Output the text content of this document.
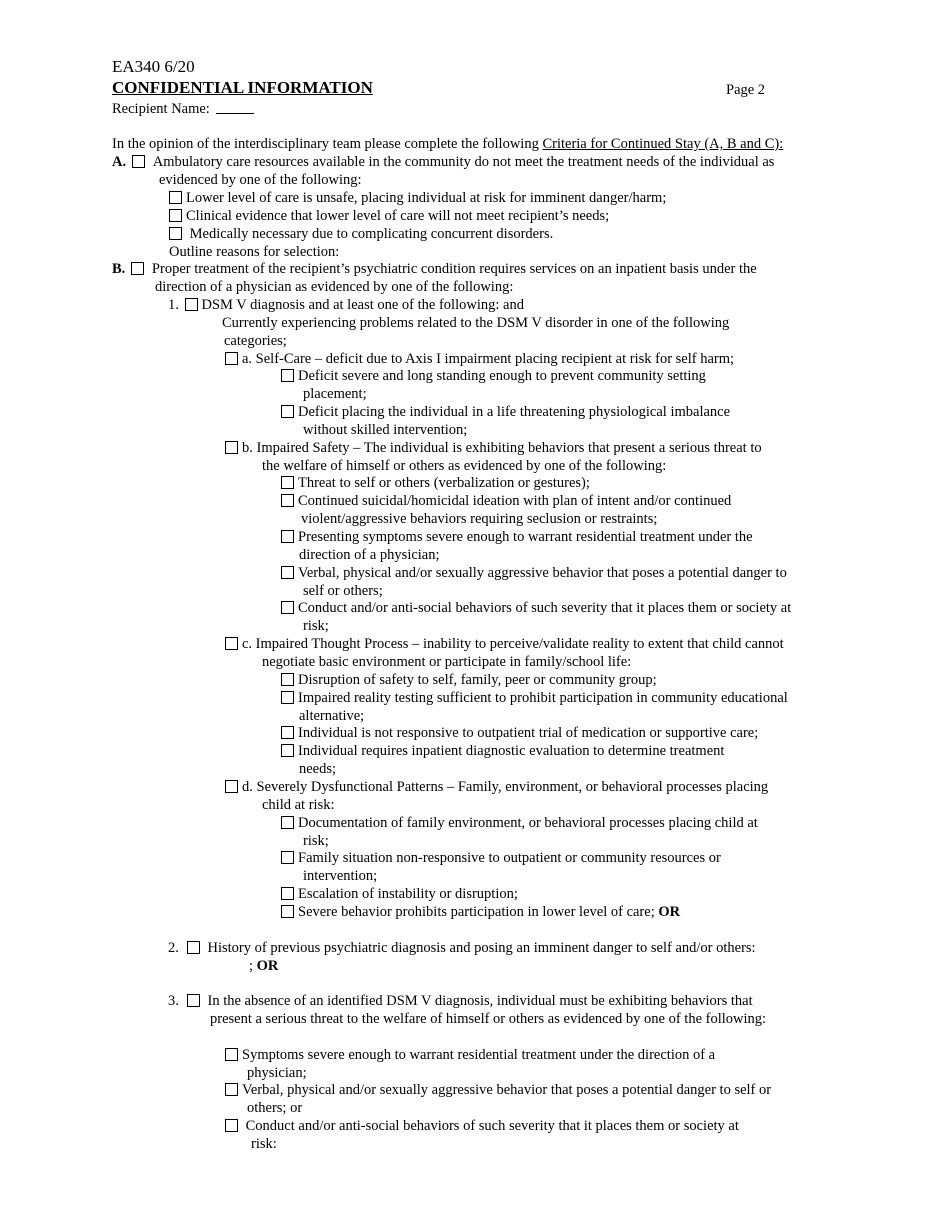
EA340 6/20
CONFIDENTIAL INFORMATION	Page 2
Recipient Name:
In the opinion of the interdisciplinary team please complete the following Criteria for Continued Stay (A, B and C):
A. Ambulatory care resources available in the community do not meet the treatment needs of the individual as
evidenced by one of the following:
Lower level of care is unsafe, placing individual at risk for imminent danger/harm;
Clinical evidence that lower level of care will not meet recipient’s needs;
Medically necessary due to complicating concurrent disorders.
Outline reasons for selection:
B. Proper treatment of the recipient’s psychiatric condition requires services on an inpatient basis under the
direction of a physician as evidenced by one of the following:
1. DSM V diagnosis and at least one of the following: and
Currently experiencing problems related to the DSM V disorder in one of the following
categories;
a. Self-Care – deficit due to Axis I impairment placing recipient at risk for self harm;
Deficit severe and long standing enough to prevent community setting
placement;
Deficit placing the individual in a life threatening physiological imbalance
without skilled intervention;
b. Impaired Safety – The individual is exhibiting behaviors that present a serious threat to
the welfare of himself or others as evidenced by one of the following:
Threat to self or others (verbalization or gestures);
Continued suicidal/homicidal ideation with plan of intent and/or continued
violent/aggressive behaviors requiring seclusion or restraints;
Presenting symptoms severe enough to warrant residential treatment under the
direction of a physician;
Verbal, physical and/or sexually aggressive behavior that poses a potential danger to
self or others;
Conduct and/or anti-social behaviors of such severity that it places them or society at
risk;
c. Impaired Thought Process – inability to perceive/validate reality to extent that child cannot
negotiate basic environment or participate in family/school life:
Disruption of safety to self, family, peer or community group;
Impaired reality testing sufficient to prohibit participation in community educational
alternative;
Individual is not responsive to outpatient trial of medication or supportive care;
Individual requires inpatient diagnostic evaluation to determine treatment
needs;
d. Severely Dysfunctional Patterns – Family, environment, or behavioral processes placing
child at risk:
Documentation of family environment, or behavioral processes placing child at
risk;
Family situation non-responsive to outpatient or community resources or
intervention;
Escalation of instability or disruption;
Severe behavior prohibits participation in lower level of care; OR
2. History of previous psychiatric diagnosis and posing an imminent danger to self and/or others:
; OR
3. In the absence of an identified DSM V diagnosis, individual must be exhibiting behaviors that
present a serious threat to the welfare of himself or others as evidenced by one of the following:
Symptoms severe enough to warrant residential treatment under the direction of a
physician;
Verbal, physical and/or sexually aggressive behavior that poses a potential danger to self or
others; or
Conduct and/or anti-social behaviors of such severity that it places them or society at
risk:
